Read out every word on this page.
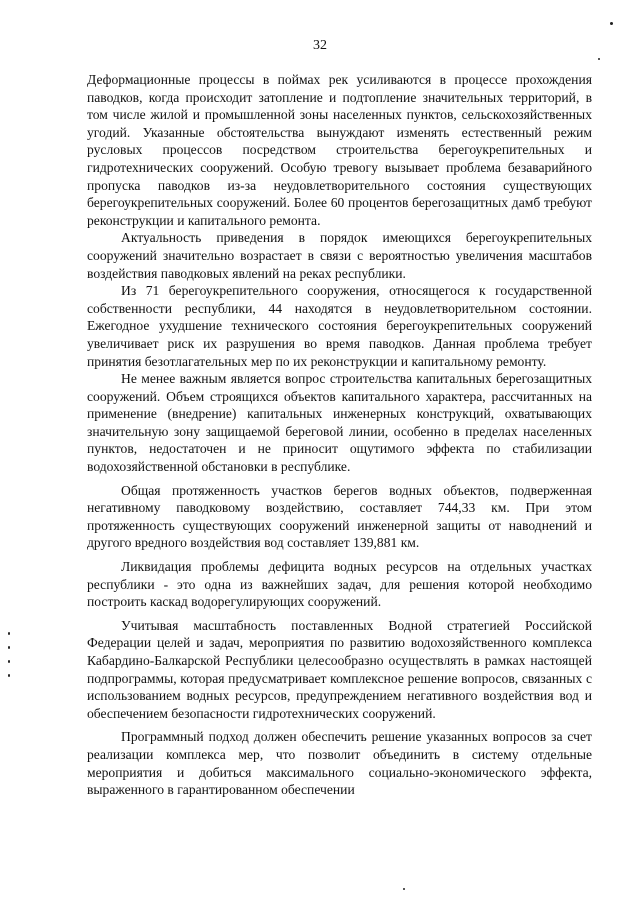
32

Деформационные процессы в поймах рек усиливаются в процессе прохождения паводков, когда происходит затопление и подтопление значительных территорий, в том числе жилой и промышленной зоны населенных пунктов, сельскохозяйственных угодий. Указанные обстоятельства вынуждают изменять естественный режим русловых процессов посредством строительства берегоукрепительных и гидротехнических сооружений. Особую тревогу вызывает проблема безаварийного пропуска паводков из-за неудовлетворительного состояния существующих берегоукрепительных сооружений. Более 60 процентов берегозащитных дамб требуют реконструкции и капитального ремонта.

Актуальность приведения в порядок имеющихся берегоукрепительных сооружений значительно возрастает в связи с вероятностью увеличения масштабов воздействия паводковых явлений на реках республики.

Из 71 берегоукрепительного сооружения, относящегося к государственной собственности республики, 44 находятся в неудовлетворительном состоянии. Ежегодное ухудшение технического состояния берегоукрепительных сооружений увеличивает риск их разрушения во время паводков. Данная проблема требует принятия безотлагательных мер по их реконструкции и капитальному ремонту.

Не менее важным является вопрос строительства капитальных берегозащитных сооружений. Объем строящихся объектов капитального характера, рассчитанных на применение (внедрение) капитальных инженерных конструкций, охватывающих значительную зону защищаемой береговой линии, особенно в пределах населенных пунктов, недостаточен и не приносит ощутимого эффекта по стабилизации водохозяйственной обстановки в республике.

Общая протяженность участков берегов водных объектов, подверженная негативному паводковому воздействию, составляет 744,33 км. При этом протяженность существующих сооружений инженерной защиты от наводнений и другого вредного воздействия вод составляет 139,881 км.

Ликвидация проблемы дефицита водных ресурсов на отдельных участках республики - это одна из важнейших задач, для решения которой необходимо построить каскад водорегулирующих сооружений.

Учитывая масштабность поставленных Водной стратегией Российской Федерации целей и задач, мероприятия по развитию водохозяйственного комплекса Кабардино-Балкарской Республики целесообразно осуществлять в рамках настоящей подпрограммы, которая предусматривает комплексное решение вопросов, связанных с использованием водных ресурсов, предупреждением негативного воздействия вод и обеспечением безопасности гидротехнических сооружений.

Программный подход должен обеспечить решение указанных вопросов за счет реализации комплекса мер, что позволит объединить в систему отдельные мероприятия и добиться максимального социально-экономического эффекта, выраженного в гарантированном обеспечении
